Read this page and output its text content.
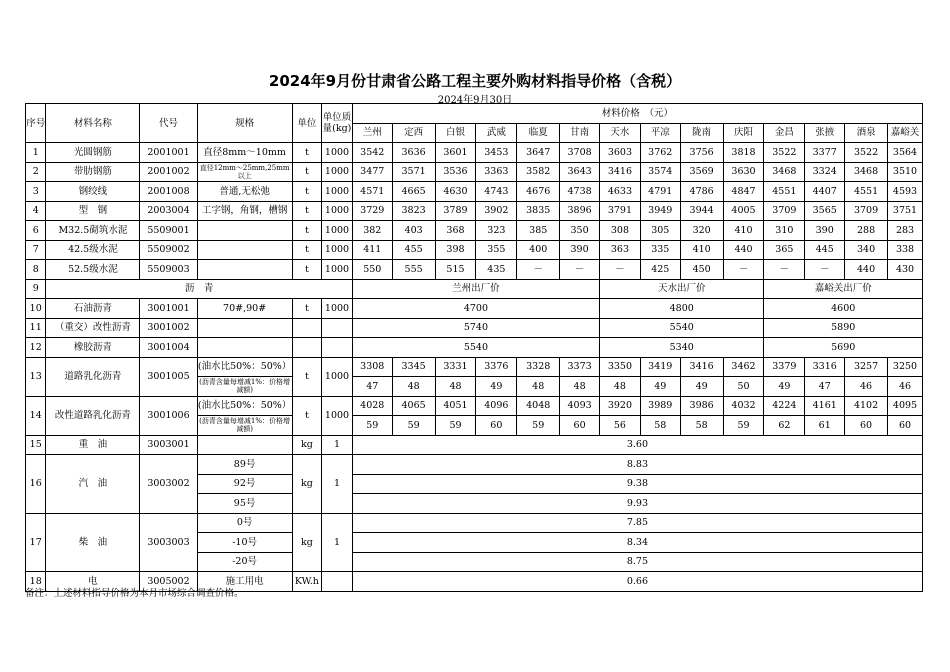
2024年9月份甘肃省公路工程主要外购材料指导价格（含税）
2024年9月30日
序号	材料名称	代号	规格	单位	单位质量(kg)	材料价格　（元）													
						兰州	定西	白银	武威	临夏	甘南	天水	平凉	陇南	庆阳	金昌	张掖	酒泉	嘉峪关
1	光圆钢筋	2001001	直径8mm～10mm	t	1000	3542	3636	3601	3453	3647	3708	3603	3762	3756	3818	3522	3377	3522	3564
2	带肋钢筋	2001002	直径12mm～25mm,25mm以上	t	1000	3477	3571	3536	3363	3582	3643	3416	3574	3569	3630	3468	3324	3468	3510
3	钢绞线	2001008	普通,无松弛	t	1000	4571	4665	4630	4743	4676	4738	4633	4791	4786	4847	4551	4407	4551	4593
4	型　钢	2003004	工字钢，角钢，槽钢	t	1000	3729	3823	3789	3902	3835	3896	3791	3949	3944	4005	3709	3565	3709	3751
6	M32.5砌筑水泥	5509001		t	1000	382	403	368	323	385	350	308	305	320	410	310	390	288	283
7	42.5级水泥	5509002		t	1000	411	455	398	355	400	390	363	335	410	440	365	445	340	338
8	52.5级水泥	5509003		t	1000	550	555	515	435	－	－	－	425	450	－	－	－	440	430
9	沥　青					兰州出厂价						天水出厂价				嘉峪关出厂价			
10	石油沥青	3001001	70#,90#	t	1000	4700						4800				4600			
11	（重交）改性沥青	3001002				5740						5540				5890			
12	橡胶沥青	3001004				5540						5340				5690			
13	道路乳化沥青	3001005	(油水比50%：50%）	t	1000	3308	3345	3331	3376	3328	3373	3350	3419	3416	3462	3379	3316	3257	3250
			(沥青含量每增减1%：价格增减额)			47	48	48	49	48	48	48	49	49	50	49	47	46	46
14	改性道路乳化沥青	3001006	(油水比50%：50%）	t	1000	4028	4065	4051	4096	4048	4093	3920	3989	3986	4032	4224	4161	4102	4095
			(沥青含量每增减1%：价格增减额)			59	59	59	60	59	60	56	58	58	59	62	61	60	60
15	重　油	3003001		kg	1	3.60													
16	汽　油	3003002	89号	kg	1	8.83													
			92号			9.38													
			95号			9.93													
17	柴　油	3003003	0号	kg	1	7.85													
			-10号			8.34													
			-20号			8.75													
18	电	3005002	施工用电	KW.h		0.66													
备注：上述材料指导价格为本月市场综合调查价格。
